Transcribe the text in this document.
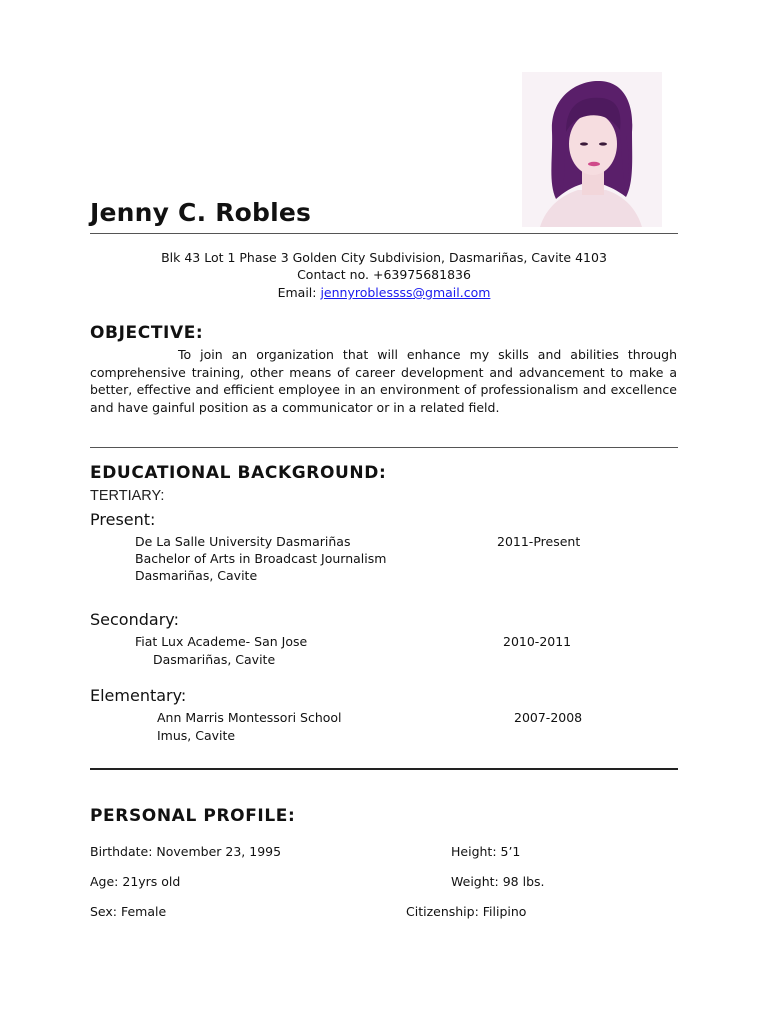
Jenny C. Robles
Blk 43 Lot 1 Phase 3 Golden City Subdivision, Dasmariñas, Cavite 4103
Contact no. +63975681836
Email: jennyroblessss@gmail.com
OBJECTIVE:
To join an organization that will enhance my skills and abilities through comprehensive training, other means of career development and advancement to make a better, effective and efficient employee in an environment of professionalism and excellence and have gainful position as a communicator or in a related field.
EDUCATIONAL BACKGROUND:
TERTIARY:
Present:
De La Salle University Dasmariñas	2011-Present
Bachelor of Arts in Broadcast Journalism
Dasmariñas, Cavite
Secondary:
Fiat Lux Academe- San Jose	2010-2011
Dasmariñas, Cavite
Elementary:
Ann Marris Montessori School	2007-2008
Imus, Cavite
PERSONAL PROFILE:
Birthdate: November 23, 1995	Height: 5’1
Age: 21yrs old	Weight: 98 lbs.
Sex: Female	Citizenship: Filipino
